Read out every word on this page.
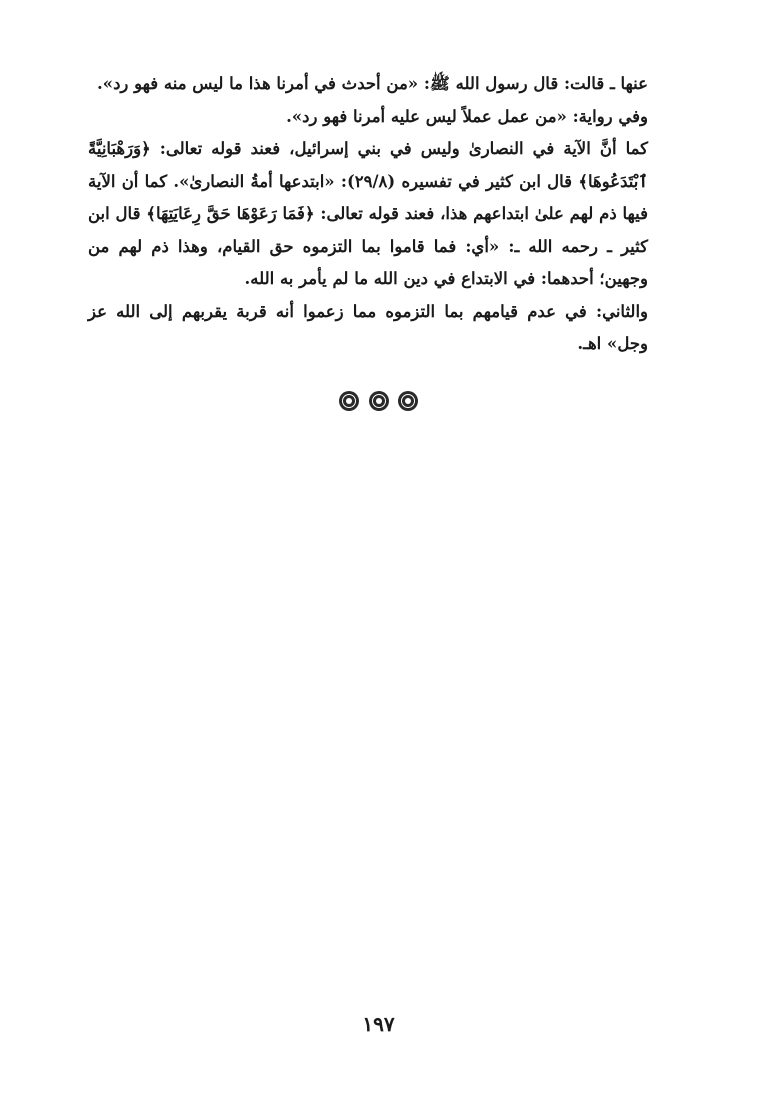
عنها ـ قالت: قال رسول الله ﷺ: «من أحدث في أمرنا هذا ما ليس منه فهو رد».

وفي رواية: «من عمل عملاً ليس عليه أمرنا فهو رد».

كما أنَّ الآية في النصارىٰ وليس في بني إسرائيل، فعند قوله تعالى: ﴿وَرَهْبَانِيَّةً ٱبْتَدَعُوهَا﴾ قال ابن كثير في تفسيره (٢٩/٨): «ابتدعها أمةُ النصارىٰ». كما أن الآية فيها ذم لهم علىٰ ابتداعهم هذا، فعند قوله تعالى: ﴿فَمَا رَعَوْهَا حَقَّ رِعَايَتِهَا﴾ قال ابن كثير ـ رحمه الله ـ: «أي: فما قاموا بما التزموه حق القيام، وهذا ذم لهم من وجهين؛ أحدهما: في الابتداع في دين الله ما لم يأمر به الله.

والثاني: في عدم قيامهم بما التزموه مما زعموا أنه قربة يقربهم إلى الله عز وجل» اهـ.

١٩٧
